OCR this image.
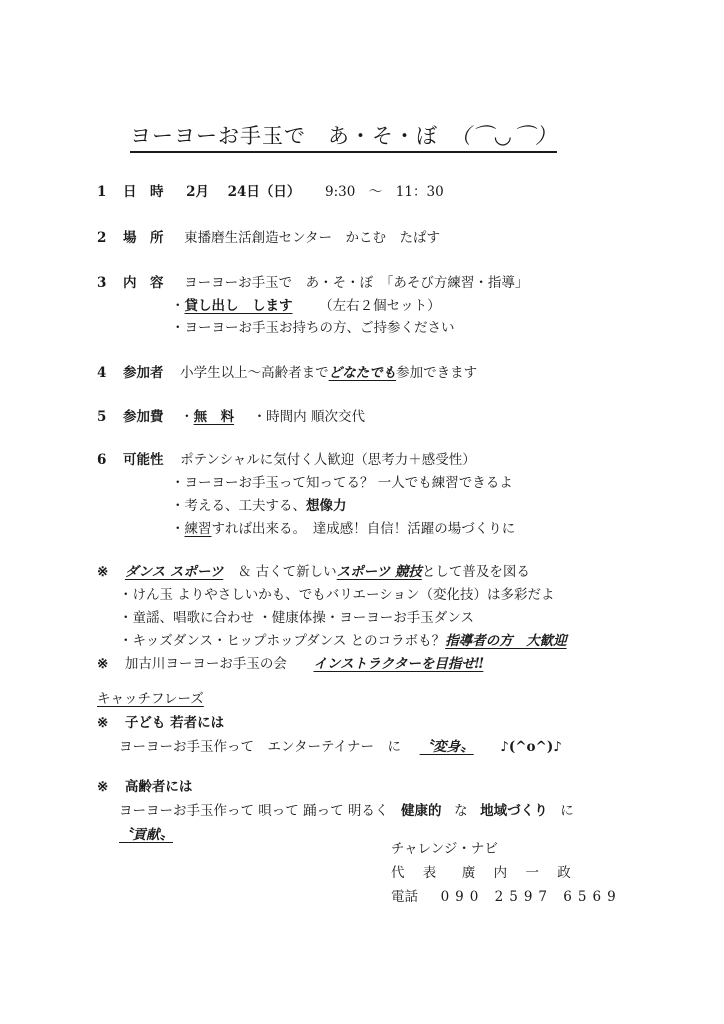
ヨーヨーお手玉で　あ・そ・ぼ （⌒◡⌒）
1 日　時 2月 24日（日） 9:30　～　11：30
2 場　所 東播磨生活創造センター　かこむ　たぱす
3 内　容 ヨーヨーお手玉で　あ・そ・ぼ　「あそび方練習・指導」
・貸し出し　します （左右２個セット）
・ヨーヨーお手玉お持ちの方、ご持参ください
4 参加者 小学生以上～高齢者までどなたでも参加できます
5 参加費 ・無　料 ・時間内 順次交代
6 可能性 ポテンシャルに気付く人歓迎（思考力＋感受性）
・ヨーヨーお手玉って知ってる？ 一人でも練習できるよ
・考える、工夫する、想像力
・練習すれば出来る。　達成感！自信！活躍の場づくりに
※ ダンス スポーツ ＆ 古くて新しいスポーツ 競技として普及を図る
・けん玉 よりやさしいかも、でもバリエーション（変化技）は多彩だよ
・童謡、唱歌に合わせ ・健康体操・ヨーヨーお手玉ダンス
・キッズダンス・ヒップホップダンス とのコラボも？指導者の方　大歓迎
※ 加古川ヨーヨーお手玉の会 インストラクターを目指せ‼
キャッチフレーズ
※ 子ども 若者には
ヨーヨーお手玉作って　エンターテイナー　に 〝変身〟 ♪(^o^)♪
※ 高齢者には
ヨーヨーお手玉作って 唄って 踊って 明るく 健康的 な 地域づくり に
〝貢献〟
チャレンジ・ナビ
代 表 廣 内 一 政
電話 090 2597 6569
